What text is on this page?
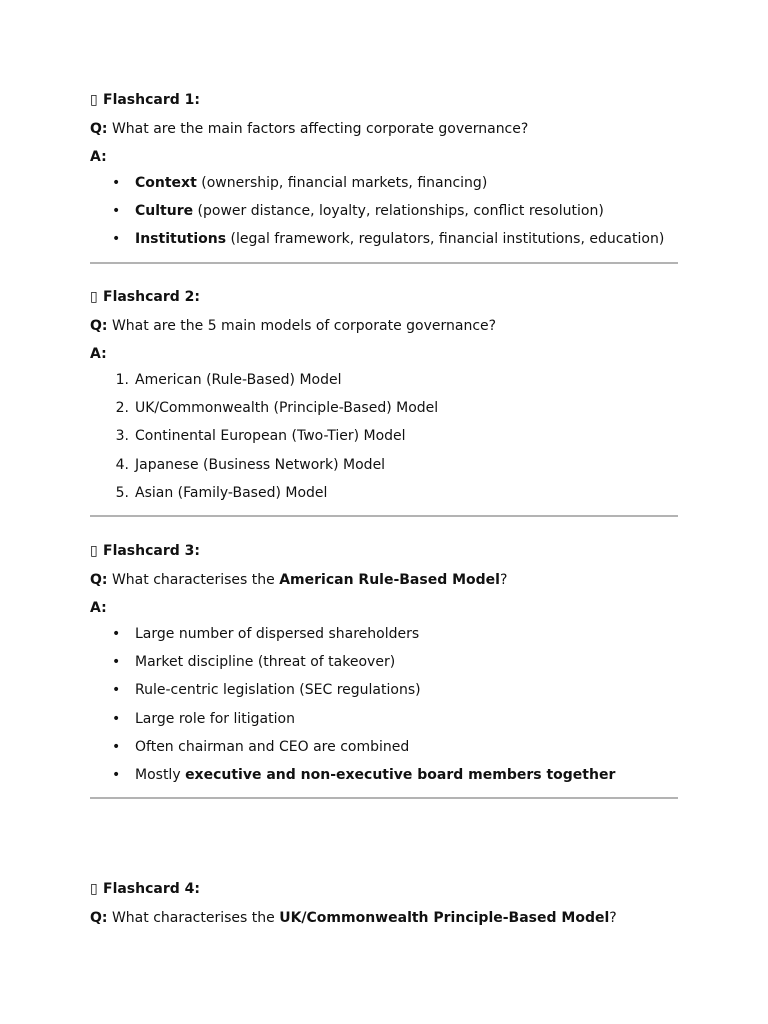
▯ Flashcard 1:
Q: What are the main factors affecting corporate governance?
A:
• Context (ownership, financial markets, financing)
• Culture (power distance, loyalty, relationships, conflict resolution)
• Institutions (legal framework, regulators, financial institutions, education)
▯ Flashcard 2:
Q: What are the 5 main models of corporate governance?
A:
1. American (Rule-Based) Model
2. UK/Commonwealth (Principle-Based) Model
3. Continental European (Two-Tier) Model
4. Japanese (Business Network) Model
5. Asian (Family-Based) Model
▯ Flashcard 3:
Q: What characterises the American Rule-Based Model?
A:
• Large number of dispersed shareholders
• Market discipline (threat of takeover)
• Rule-centric legislation (SEC regulations)
• Large role for litigation
• Often chairman and CEO are combined
• Mostly executive and non-executive board members together
▯ Flashcard 4:
Q: What characterises the UK/Commonwealth Principle-Based Model?
